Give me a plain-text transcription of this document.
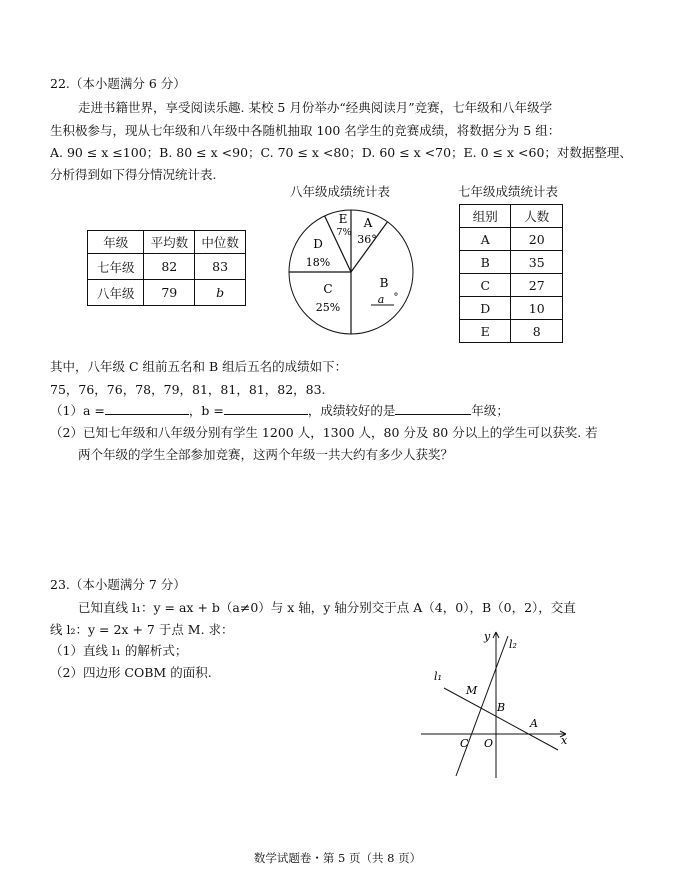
22.（本小题满分 6 分）
走进书籍世界，享受阅读乐趣. 某校 5 月份举办“经典阅读月”竞赛，七年级和八年级学
生积极参与，现从七年级和八年级中各随机抽取 100 名学生的竞赛成绩，将数据分为 5 组：
A. 90 ≤ x ≤100；B. 80 ≤ x <90；C. 70 ≤ x <80；D. 60 ≤ x <70；E. 0 ≤ x <60；对数据整理、
分析得到如下得分情况统计表.
八年级成绩统计表	七年级成绩统计表
年级	平均数	中位数
七年级	82	83
八年级	79	b
A
36°
E
7%
D
18%
C
25%
B
a °
组别	人数
A	20
B	35
C	27
D	10
E	8
其中，八年级 C 组前五名和 B 组后五名的成绩如下：
75，76，76，78，79，81，81，81，82，83.
（1）a =	，b =	，成绩较好的是	年级；
（2）已知七年级和八年级分别有学生 1200 人，1300 人，80 分及 80 分以上的学生可以获奖. 若
两个年级的学生全部参加竞赛，这两个年级一共大约有多少人获奖？
23.（本小题满分 7 分）
已知直线 l₁：y = ax + b（a≠0）与 x 轴，y 轴分别交于点 A（4，0），B（0，2），交直
线 l₂：y = 2x + 7 于点 M. 求：
（1）直线 l₁ 的解析式；
（2）四边形 COBM 的面积.
y
x
l₂
l₁
M
B
A
C O
数学试题卷・第 5 页（共 8 页）
